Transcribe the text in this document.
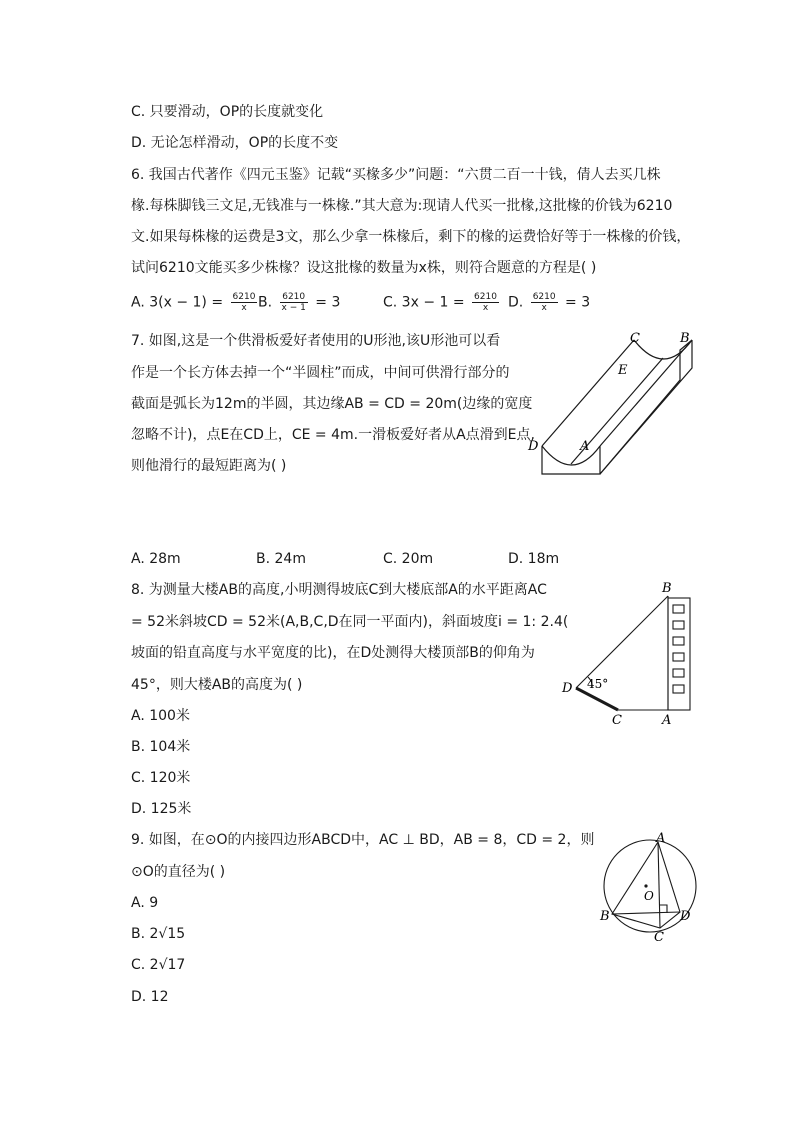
C. 只要滑动，OP的长度就变化
D. 无论怎样滑动，OP的长度不变
6. 我国古代著作《四元玉鉴》记载“买椽多少”问题：“六贯二百一十钱，倩人去买几株
椽.每株脚钱三文足,无钱准与一株椽.”其大意为:现请人代买一批椽,这批椽的价钱为6210
文.如果每株椽的运费是3文，那么少拿一株椽后，剩下的椽的运费恰好等于一株椽的价钱，
试问6210文能买多少株椽？设这批椽的数量为x株，则符合题意的方程是( )
A. $3(x - 1) = \frac{6210}{x} B$. $\frac{6210}{x - 1} = 3$	C. $3x - 1 = \frac{6210}{x} D$. $\frac{6210}{x} = 3$
7. 如图,这是一个供滑板爱好者使用的U形池,该U形池可以看
作是一个长方体去掉一个“半圆柱”而成，中间可供滑行部分的
截面是弧长为12m的半圆，其边缘AB = CD = 20m(边缘的宽度
忽略不计)，点E在CD上，CE = 4m.一滑板爱好者从A点滑到E点,
则他滑行的最短距离为( )
C	B
E
D	A
A. 28m	B. 24m	C. 20m	D. 18m
8. 为测量大楼AB的高度,小明测得坡底C到大楼底部A的水平距离AC
= 52米斜坡CD = 52米(A,B,C,D在同一平面内)，斜面坡度i = 1: 2.4(
坡面的铅直高度与水平宽度的比)，在D处测得大楼顶部B的仰角为
45°，则大楼AB的高度为( )
B
D
C	A
45°
A. 100米
B. 104米
C. 120米
D. 125米
9. 如图，在⊙O的内接四边形ABCD中，AC ⊥ BD，AB = 8，CD = 2，则
⊙O的直径为( )
A
B
C
D
O
A. 9
B. 2√15
C. 2√17
D. 12
